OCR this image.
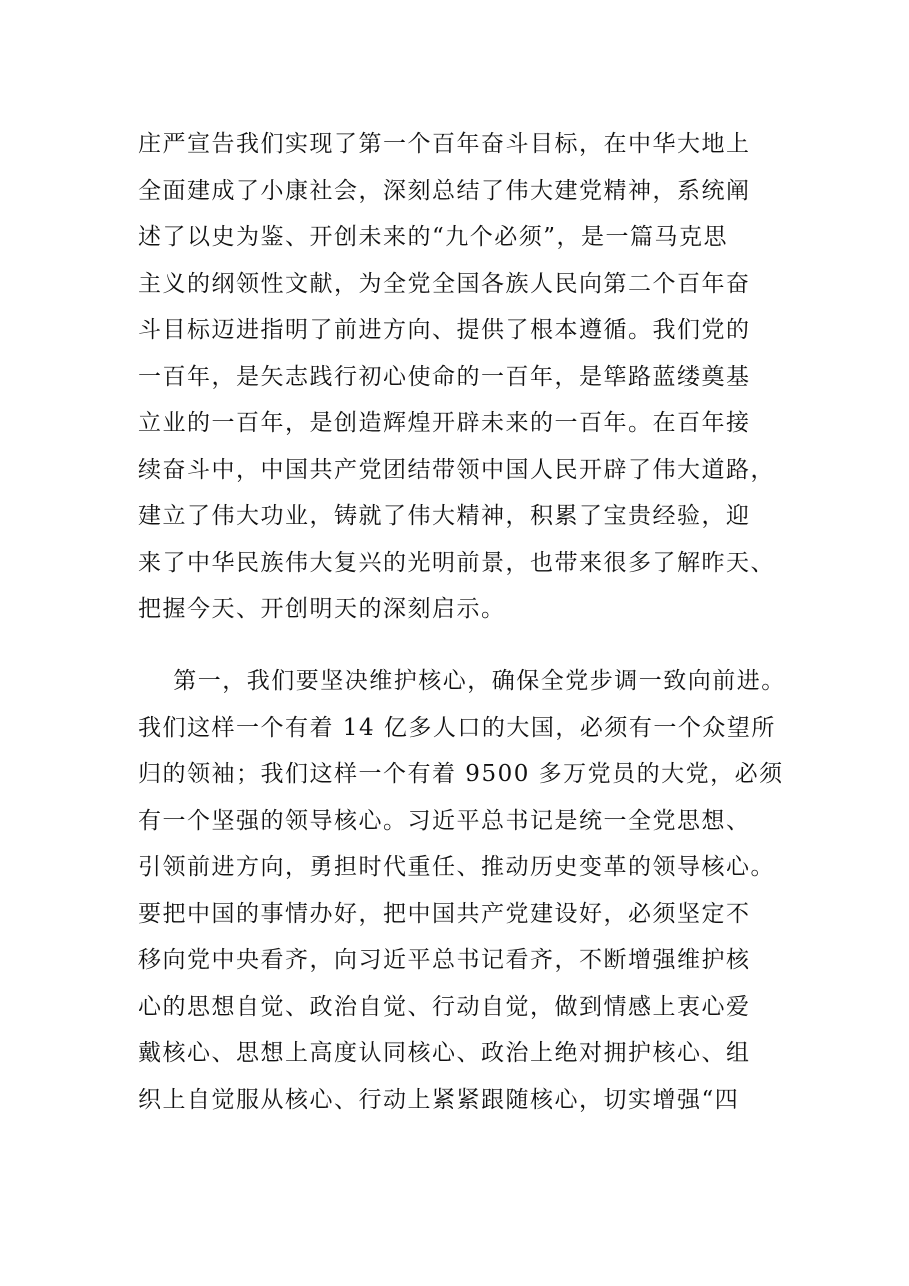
庄严宣告我们实现了第一个百年奋斗目标，在中华大地上
全面建成了小康社会，深刻总结了伟大建党精神，系统阐
述了以史为鉴、开创未来的“九个必须”，是一篇马克思
主义的纲领性文献，为全党全国各族人民向第二个百年奋
斗目标迈进指明了前进方向、提供了根本遵循。我们党的
一百年，是矢志践行初心使命的一百年，是筚路蓝缕奠基
立业的一百年，是创造辉煌开辟未来的一百年。在百年接
续奋斗中，中国共产党团结带领中国人民开辟了伟大道路，
建立了伟大功业，铸就了伟大精神，积累了宝贵经验，迎
来了中华民族伟大复兴的光明前景，也带来很多了解昨天、
把握今天、开创明天的深刻启示。
第一，我们要坚决维护核心，确保全党步调一致向前进。
我们这样一个有着 14 亿多人口的大国，必须有一个众望所
归的领袖；我们这样一个有着 9500 多万党员的大党，必须
有一个坚强的领导核心。习近平总书记是统一全党思想、
引领前进方向，勇担时代重任、推动历史变革的领导核心。
要把中国的事情办好，把中国共产党建设好，必须坚定不
移向党中央看齐，向习近平总书记看齐，不断增强维护核
心的思想自觉、政治自觉、行动自觉，做到情感上衷心爱
戴核心、思想上高度认同核心、政治上绝对拥护核心、组
织上自觉服从核心、行动上紧紧跟随核心，切实增强“四
